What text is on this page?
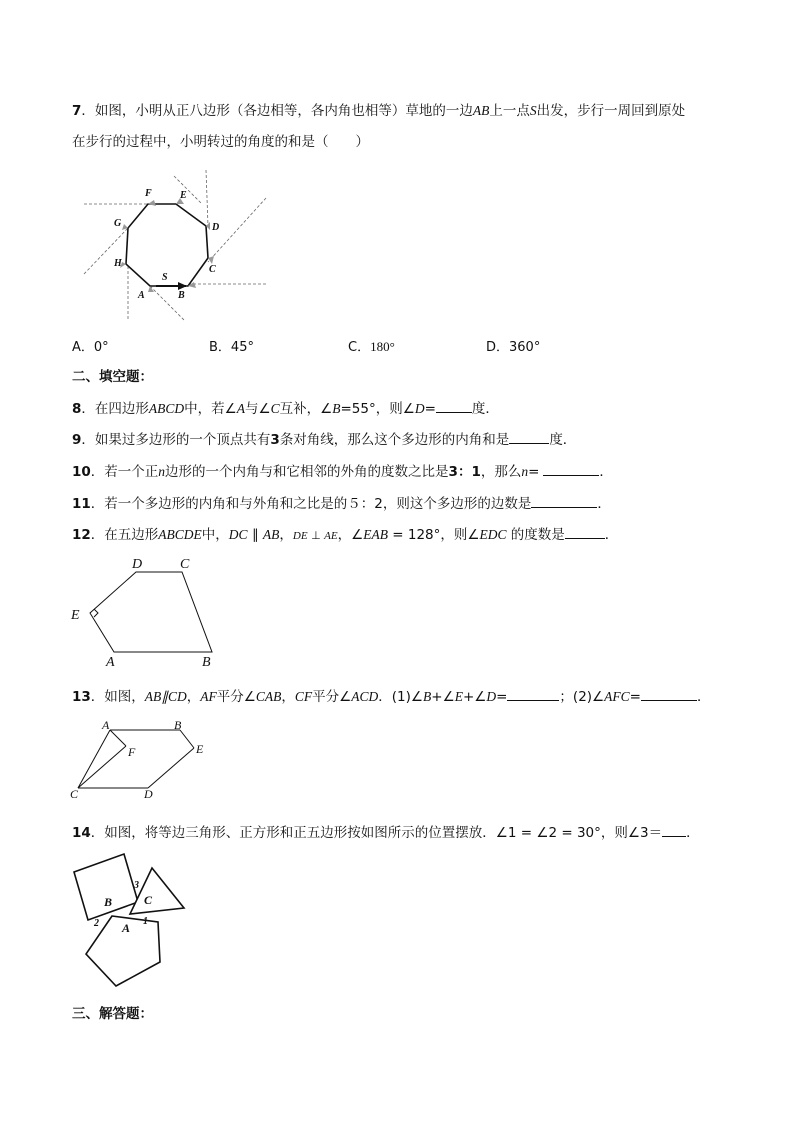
7．如图，小明从正八边形（各边相等，各内角也相等）草地的一边AB上一点S出发，步行一周回到原处
在步行的过程中，小明转过的角度的和是（　　）
F	E
G	D
H
C
S
A	B
A．0°	B．45°	C．180°	D．360°
二、填空题：
8．在四边形ABCD中，若∠A与∠C互补，∠B=55°，则∠D=	度．
9．如果过多边形的一个顶点共有3条对角线，那么这个多边形的内角和是	度．
10．若一个正n边形的一个内角与和它相邻的外角的度数之比是3：1，那么n=	．
11．若一个多边形的内角和与外角和之比是的５：2，则这个多边形的边数是	．
12．在五边形ABCDE中，DC ∥ AB，DE ⊥ AE，∠EAB = 128°，则∠EDC 的度数是	．
D	C
E
A	B
13．如图，AB∥CD，AF平分∠CAB，CF平分∠ACD．(1)∠B+∠E+∠D=	；(2)∠AFC=	．
A	B
F	E
C	D
14．如图，将等边三角形、正方形和正五边形按如图所示的位置摆放．∠1 = ∠2 = 30°，则∠3＝ ．
B	C
A
3
2	1
三、解答题：
